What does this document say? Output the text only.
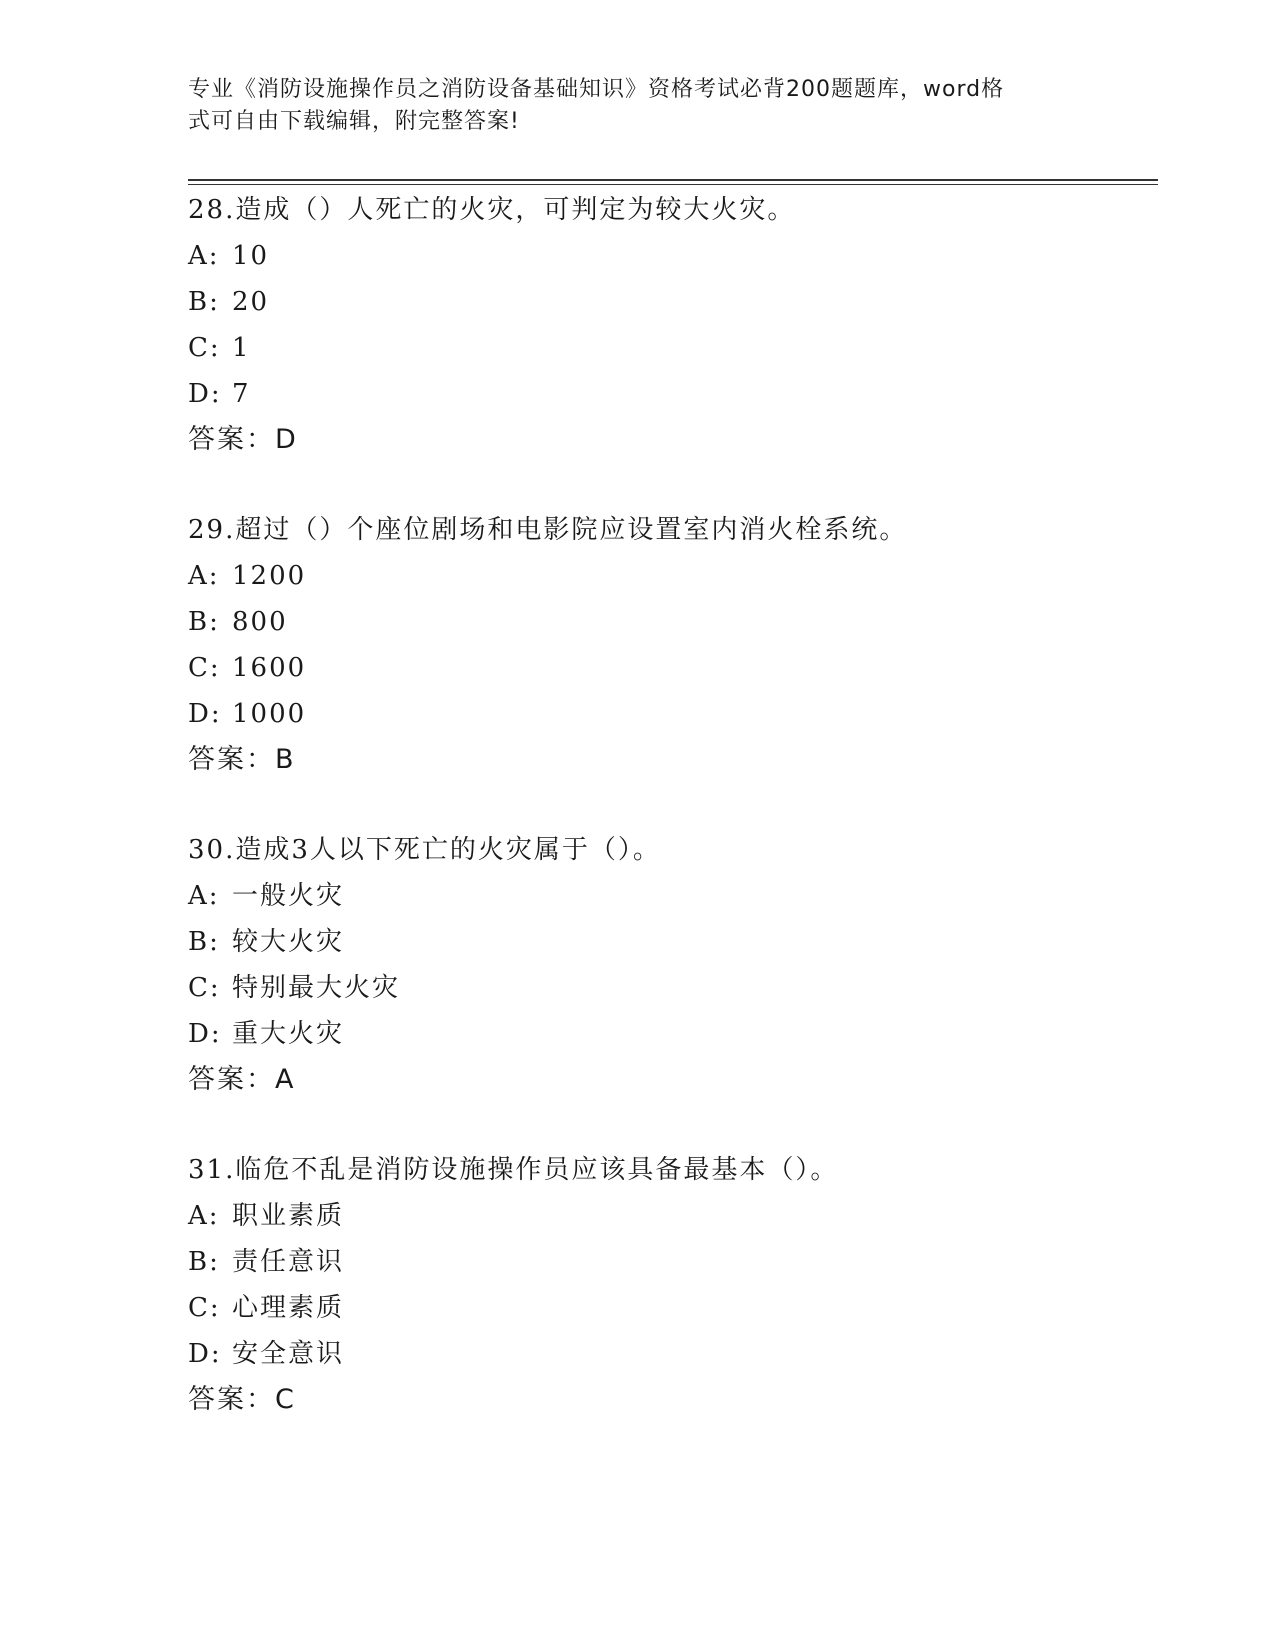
专业《消防设施操作员之消防设备基础知识》资格考试必背200题题库，word格
式可自由下载编辑，附完整答案!
28.造成（）人死亡的火灾，可判定为较大火灾。
A: 10
B: 20
C: 1
D: 7
答案：D
29.超过（）个座位剧场和电影院应设置室内消火栓系统。
A: 1200
B: 800
C: 1600
D: 1000
答案：B
30.造成3人以下死亡的火灾属于（）。
A: 一般火灾
B: 较大火灾
C: 特别最大火灾
D: 重大火灾
答案：A
31.临危不乱是消防设施操作员应该具备最基本（）。
A: 职业素质
B: 责任意识
C: 心理素质
D: 安全意识
答案：C
